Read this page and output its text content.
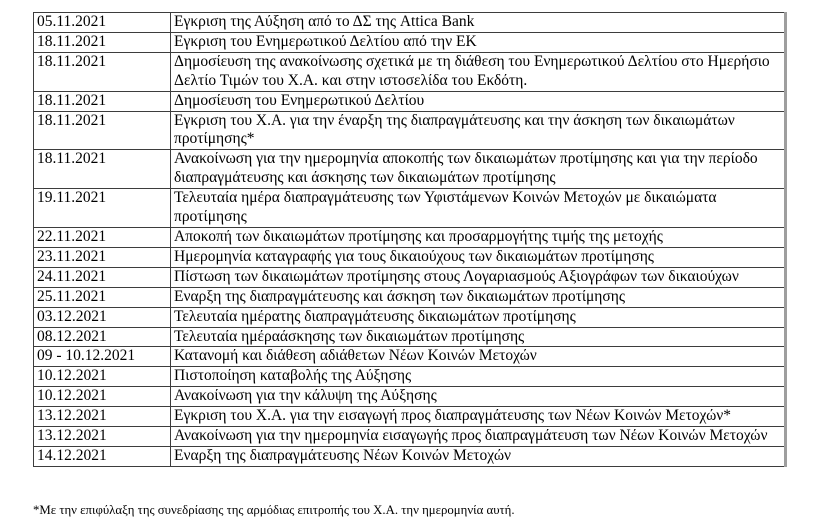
05.11.2021	Εγκριση της Αύξηση από το ΔΣ της Attica Bank
18.11.2021	Εγκριση του Ενημερωτικού Δελτίου από την ΕΚ
18.11.2021	Δημοσίευση της ανακοίνωσης σχετικά με τη διάθεση του Ενημερωτικού Δελτίου στο Ημερήσιο Δελτίο Τιμών του Χ.Α. και στην ιστοσελίδα του Εκδότη.
18.11.2021	Δημοσίευση του Ενημερωτικού Δελτίου
18.11.2021	Εγκριση του Χ.Α. για την έναρξη της διαπραγμάτευσης και την άσκηση των δικαιωμάτων προτίμησης*
18.11.2021	Ανακοίνωση για την ημερομηνία αποκοπής των δικαιωμάτων προτίμησης και για την περίοδο διαπραγμάτευσης και άσκησης των δικαιωμάτων προτίμησης
19.11.2021	Τελευταία ημέρα διαπραγμάτευσης των Υφιστάμενων Κοινών Μετοχών με δικαιώματα προτίμησης
22.11.2021	Αποκοπή των δικαιωμάτων προτίμησης και προσαρμογήτης τιμής της μετοχής
23.11.2021	Ημερομηνία καταγραφής για τους δικαιούχους των δικαιωμάτων προτίμησης
24.11.2021	Πίστωση των δικαιωμάτων προτίμησης στους Λογαριασμούς Αξιογράφων των δικαιούχων
25.11.2021	Εναρξη της διαπραγμάτευσης και άσκηση των δικαιωμάτων προτίμησης
03.12.2021	Τελευταία ημέρατης διαπραγμάτευσης δικαιωμάτων προτίμησης
08.12.2021	Τελευταία ημέραάσκησης των δικαιωμάτων προτίμησης
09 - 10.12.2021	Κατανομή και διάθεση αδιάθετων Νέων Κοινών Μετοχών
10.12.2021	Πιστοποίηση καταβολής της Αύξησης
10.12.2021	Ανακοίνωση για την κάλυψη της Αύξησης
13.12.2021	Εγκριση του Χ.Α. για την εισαγωγή προς διαπραγμάτευσης των Νέων Κοινών Μετοχών*
13.12.2021	Ανακοίνωση για την ημερομηνία εισαγωγής προς διαπραγμάτευση των Νέων Κοινών Μετοχών
14.12.2021	Εναρξη της διαπραγμάτευσης Νέων Κοινών Μετοχών
*Με την επιφύλαξη της συνεδρίασης της αρμόδιας επιτροπής του Χ.Α. την ημερομηνία αυτή.
